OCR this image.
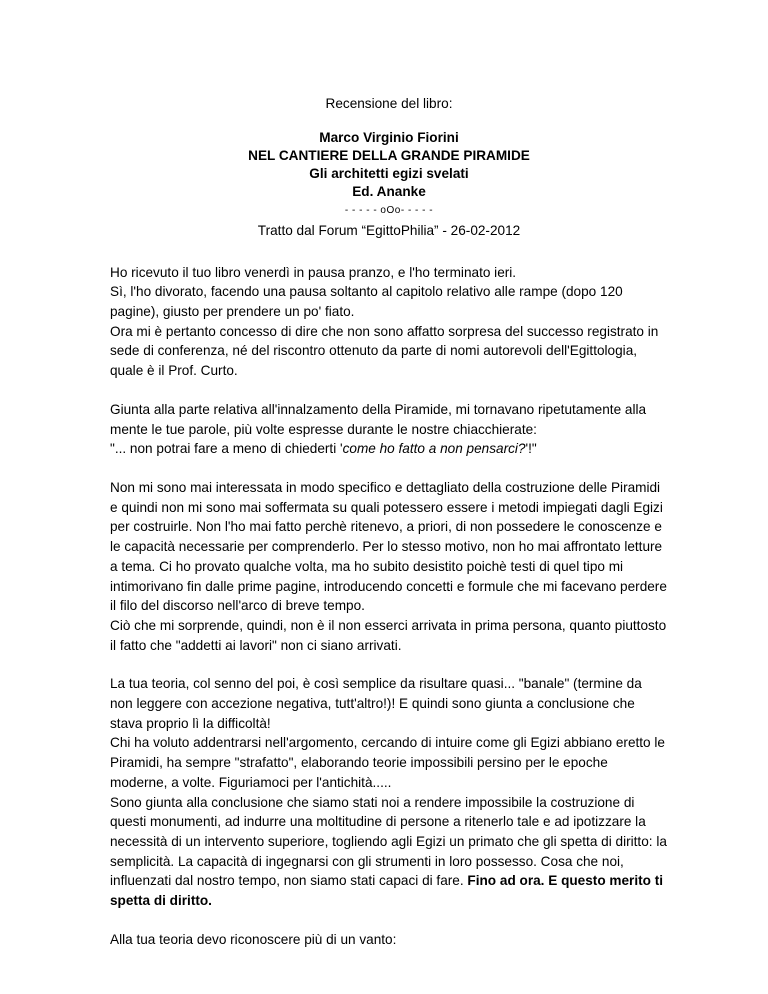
Recensione del libro:
Marco Virginio Fiorini
NEL CANTIERE DELLA GRANDE PIRAMIDE
Gli architetti egizi svelati
Ed. Ananke
- - - - - oOo- - - - -
Tratto dal Forum “EgittoPhilia” - 26-02-2012

Ho ricevuto il tuo libro venerdì in pausa pranzo, e l'ho terminato ieri.
Sì, l'ho divorato, facendo una pausa soltanto al capitolo relativo alle rampe (dopo 120 pagine), giusto per prendere un po' fiato.
Ora mi è pertanto concesso di dire che non sono affatto sorpresa del successo registrato in sede di conferenza, né del riscontro ottenuto da parte di nomi autorevoli dell'Egittologia, quale è il Prof. Curto.

Giunta alla parte relativa all'innalzamento della Piramide, mi tornavano ripetutamente alla mente le tue parole, più volte espresse durante le nostre chiacchierate:
"... non potrai fare a meno di chiederti 'come ho fatto a non pensarci?'!"

Non mi sono mai interessata in modo specifico e dettagliato della costruzione delle Piramidi e quindi non mi sono mai soffermata su quali potessero essere i metodi impiegati dagli Egizi per costruirle. Non l'ho mai fatto perchè ritenevo, a priori, di non possedere le conoscenze e le capacità necessarie per comprenderlo. Per lo stesso motivo, non ho mai affrontato letture a tema. Ci ho provato qualche volta, ma ho subito desistito poichè testi di quel tipo mi intimorivano fin dalle prime pagine, introducendo concetti e formule che mi facevano perdere il filo del discorso nell'arco di breve tempo.
Ciò che mi sorprende, quindi, non è il non esserci arrivata in prima persona, quanto piuttosto il fatto che "addetti ai lavori" non ci siano arrivati.

La tua teoria, col senno del poi, è così semplice da risultare quasi... "banale" (termine da non leggere con accezione negativa, tutt'altro!)! E quindi sono giunta a conclusione che stava proprio lì la difficoltà!
Chi ha voluto addentrarsi nell'argomento, cercando di intuire come gli Egizi abbiano eretto le Piramidi, ha sempre "strafatto", elaborando teorie impossibili persino per le epoche moderne, a volte. Figuriamoci per l'antichità.....
Sono giunta alla conclusione che siamo stati noi a rendere impossibile la costruzione di questi monumenti, ad indurre una moltitudine di persone a ritenerlo tale e ad ipotizzare la necessità di un intervento superiore, togliendo agli Egizi un primato che gli spetta di diritto: la semplicità. La capacità di ingegnarsi con gli strumenti in loro possesso. Cosa che noi, influenzati dal nostro tempo, non siamo stati capaci di fare. Fino ad ora. E questo merito ti spetta di diritto.

Alla tua teoria devo riconoscere più di un vanto:
